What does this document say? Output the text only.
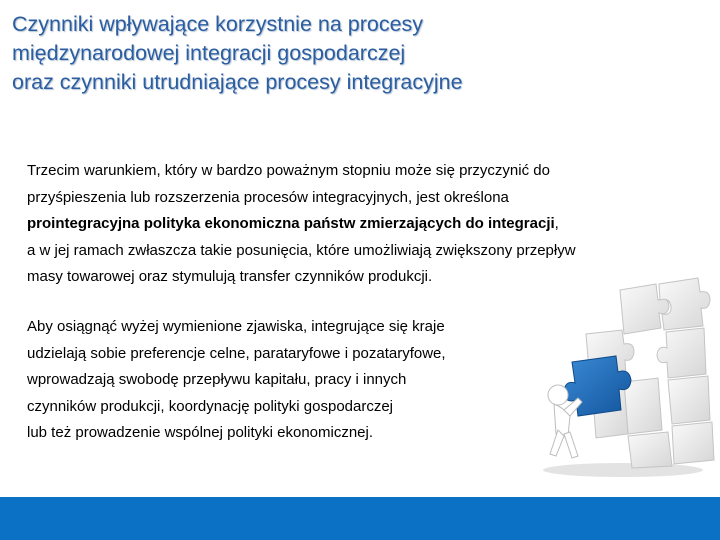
Czynniki wpływające korzystnie na procesy
międzynarodowej integracji gospodarczej
oraz czynniki utrudniające procesy integracyjne
Trzecim warunkiem, który w bardzo poważnym stopniu może się przyczynić do
przyśpieszenia lub rozszerzenia procesów integracyjnych, jest określona
prointegracyjna polityka ekonomiczna państw zmierzających do integracji,
a w jej ramach zwłaszcza takie posunięcia, które umożliwiają zwiększony przepływ
masy towarowej oraz stymulują transfer czynników produkcji.
Aby osiągnąć wyżej wymienione zjawiska, integrujące się kraje
udzielają sobie preferencje celne, parataryfowe i pozataryfowe,
wprowadzają swobodę przepływu kapitału, pracy i innych
czynników produkcji, koordynację polityki gospodarczej
lub też prowadzenie wspólnej polityki ekonomicznej.
